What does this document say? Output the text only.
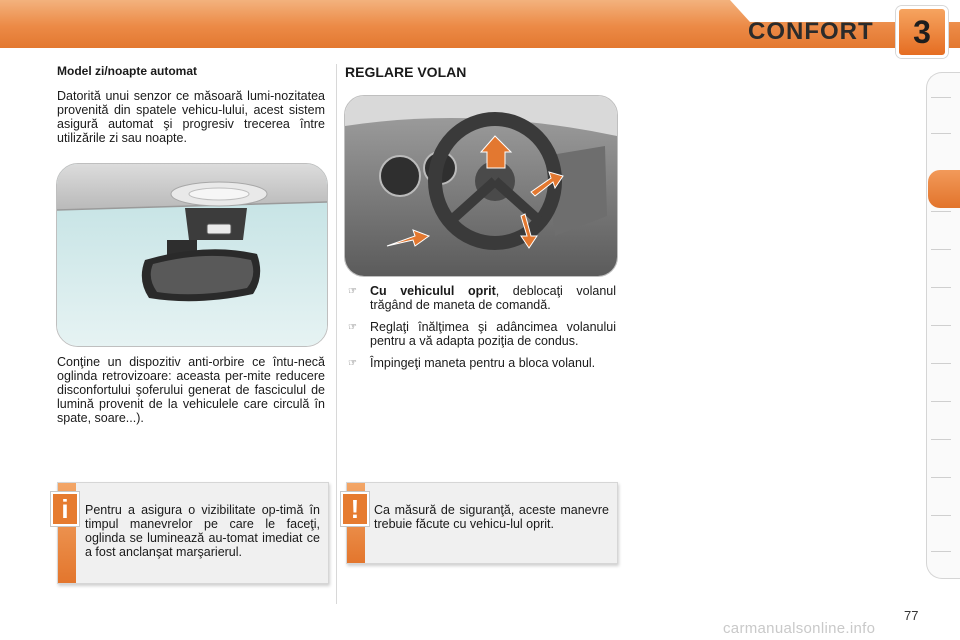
CONFORT 3
Model zi/noapte automat
Datorită unui senzor ce măsoară lumi-nozitatea provenită din spatele vehicu-lului, acest sistem asigură automat şi progresiv trecerea între utilizările zi sau noapte.
Conţine un dispozitiv anti-orbire ce întu-necă oglinda retrovizoare: aceasta per-mite reducere disconfortului şoferului generat de fasciculul de lumină provenit de la vehiculele care circulă în spate, soare...).
Pentru a asigura o vizibilitate op-timă în timpul manevrelor pe care le faceţi, oglinda se luminează au-tomat imediat ce a fost anclanşat marşarierul.
i
REGLARE VOLAN
☞ Cu vehiculul oprit, deblocaţi volanul trăgând de maneta de comandă.
☞ Reglaţi înălţimea şi adâncimea volanului pentru a vă adapta poziţia de condus.
☞ Împingeţi maneta pentru a bloca volanul.
Ca măsură de siguranţă, aceste manevre trebuie făcute cu vehicu-lul oprit.
!
77
carmanualsonline.info
